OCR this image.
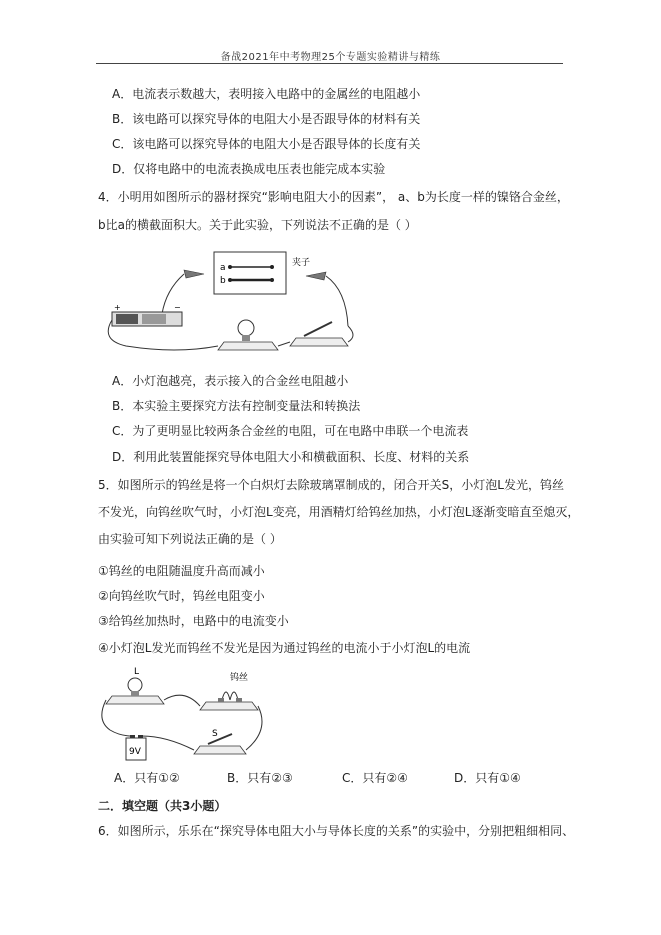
备战2021年中考物理25个专题实验精讲与精练
A．电流表示数越大，表明接入电路中的金属丝的电阻越小
B．该电路可以探究导体的电阻大小是否跟导体的材料有关
C．该电路可以探究导体的电阻大小是否跟导体的长度有关
D．仅将电路中的电流表换成电压表也能完成本实验
4．小明用如图所示的器材探究“影响电阻大小的因素”， a、b为长度一样的镍铬合金丝，
b比a的横截面积大。关于此实验，下列说法不正确的是（ ）
a
b
夹子
+	−
A．小灯泡越亮，表示接入的合金丝电阻越小
B．本实验主要探究方法有控制变量法和转换法
C．为了更明显比较两条合金丝的电阻，可在电路中串联一个电流表
D．利用此装置能探究导体电阻大小和横截面积、长度、材料的关系
5．如图所示的钨丝是将一个白炽灯去除玻璃罩制成的，闭合开关S，小灯泡L发光，钨丝
不发光，向钨丝吹气时，小灯泡L变亮，用酒精灯给钨丝加热，小灯泡L逐渐变暗直至熄灭，
由实验可知下列说法正确的是（ ）
①钨丝的电阻随温度升高而减小
②向钨丝吹气时，钨丝电阻变小
③给钨丝加热时，电路中的电流变小
④小灯泡L发光而钨丝不发光是因为通过钨丝的电流小于小灯泡L的电流
L
钨丝
S
9V
A．只有①②	B．只有②③	C．只有②④	D．只有①④
二．填空题（共3小题）
6．如图所示，乐乐在“探究导体电阻大小与导体长度的关系”的实验中，分别把粗细相同、
